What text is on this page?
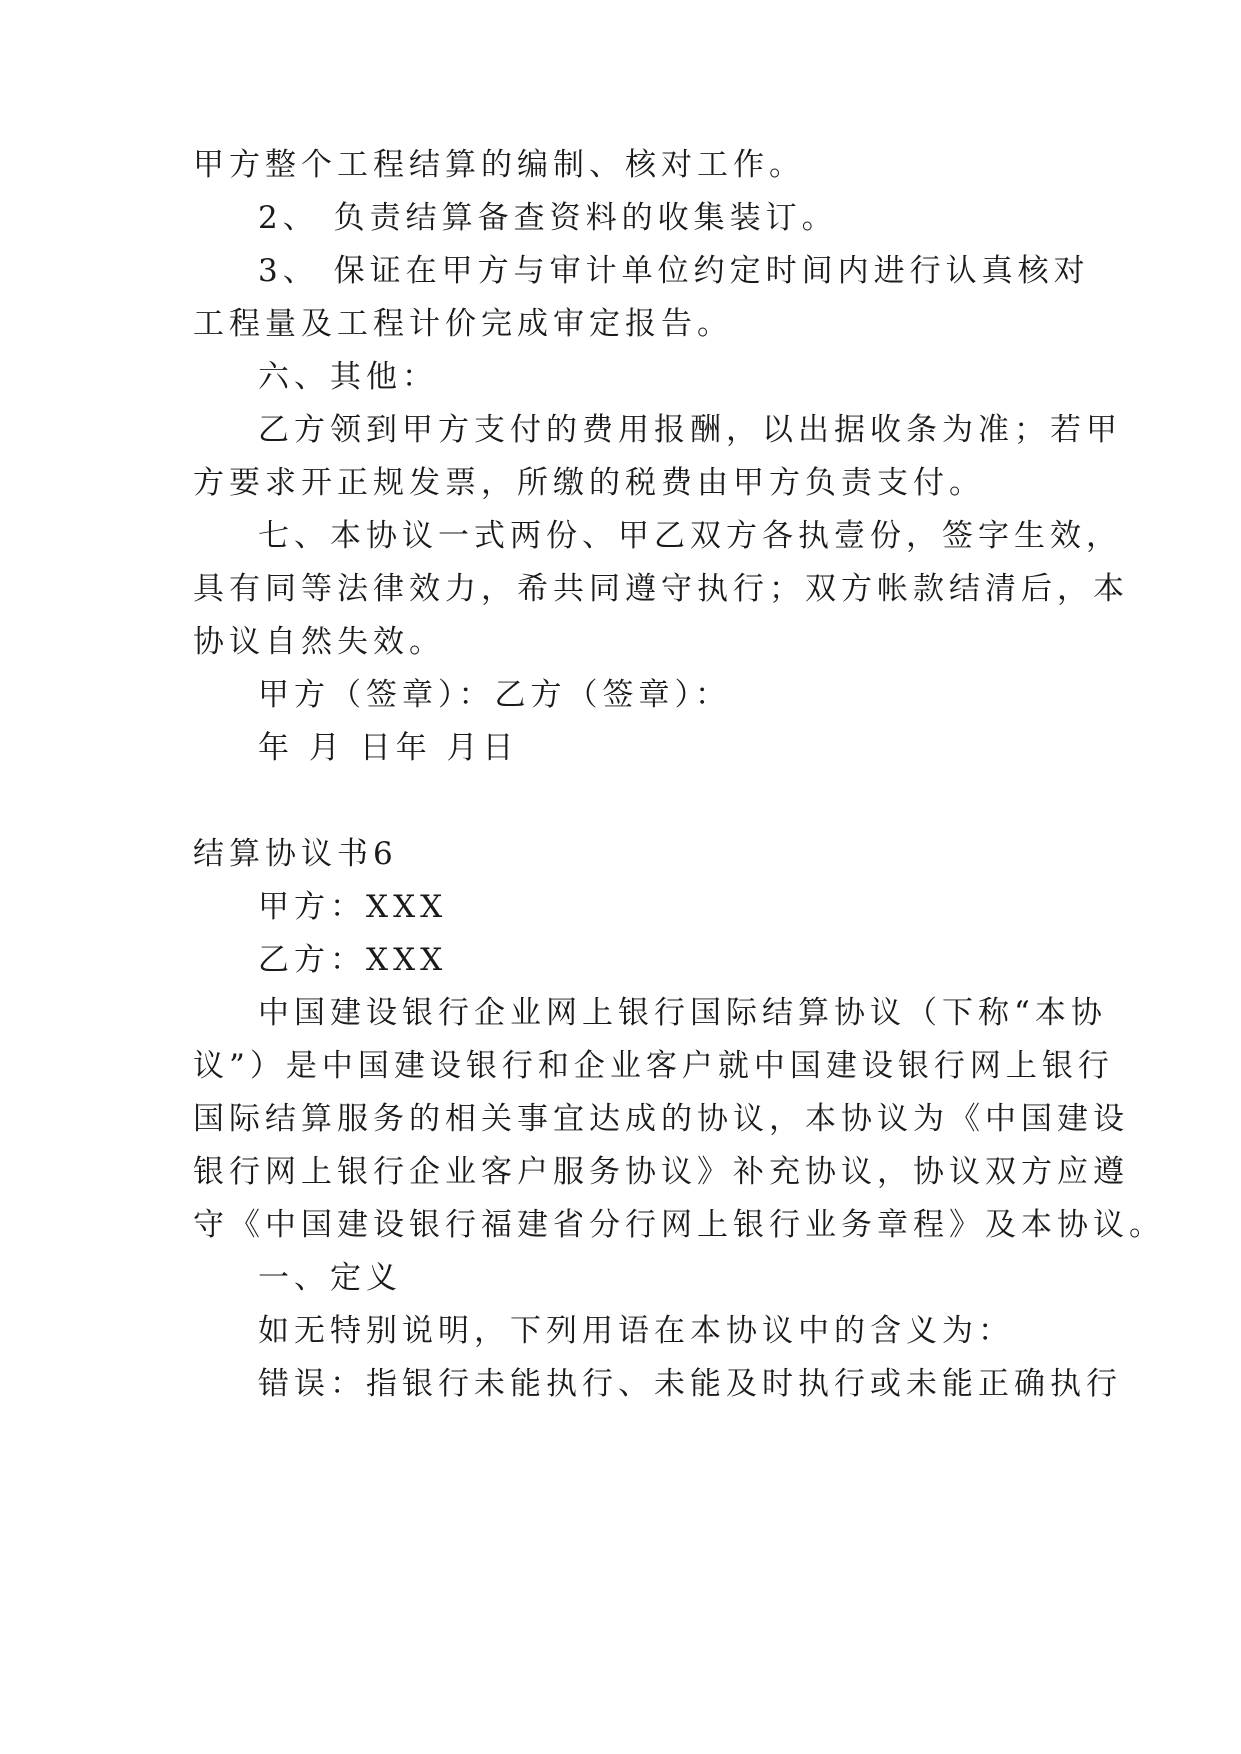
甲方整个工程结算的编制、核对工作。

2、 负责结算备查资料的收集装订。

3、 保证在甲方与审计单位约定时间内进行认真核对

工程量及工程计价完成审定报告。

六、其他：

乙方领到甲方支付的费用报酬，以出据收条为准；若甲

方要求开正规发票，所缴的税费由甲方负责支付。

七、本协议一式两份、甲乙双方各执壹份，签字生效，

具有同等法律效力，希共同遵守执行；双方帐款结清后，本

协议自然失效。

甲方（签章）：乙方（签章）：

年 月 日年 月日

结算协议书6

甲方：XXX

乙方：XXX

中国建设银行企业网上银行国际结算协议（下称“本协

议”）是中国建设银行和企业客户就中国建设银行网上银行

国际结算服务的相关事宜达成的协议，本协议为《中国建设

银行网上银行企业客户服务协议》补充协议，协议双方应遵

守《中国建设银行福建省分行网上银行业务章程》及本协议。

一、定义

如无特别说明，下列用语在本协议中的含义为：

错误：指银行未能执行、未能及时执行或未能正确执行
